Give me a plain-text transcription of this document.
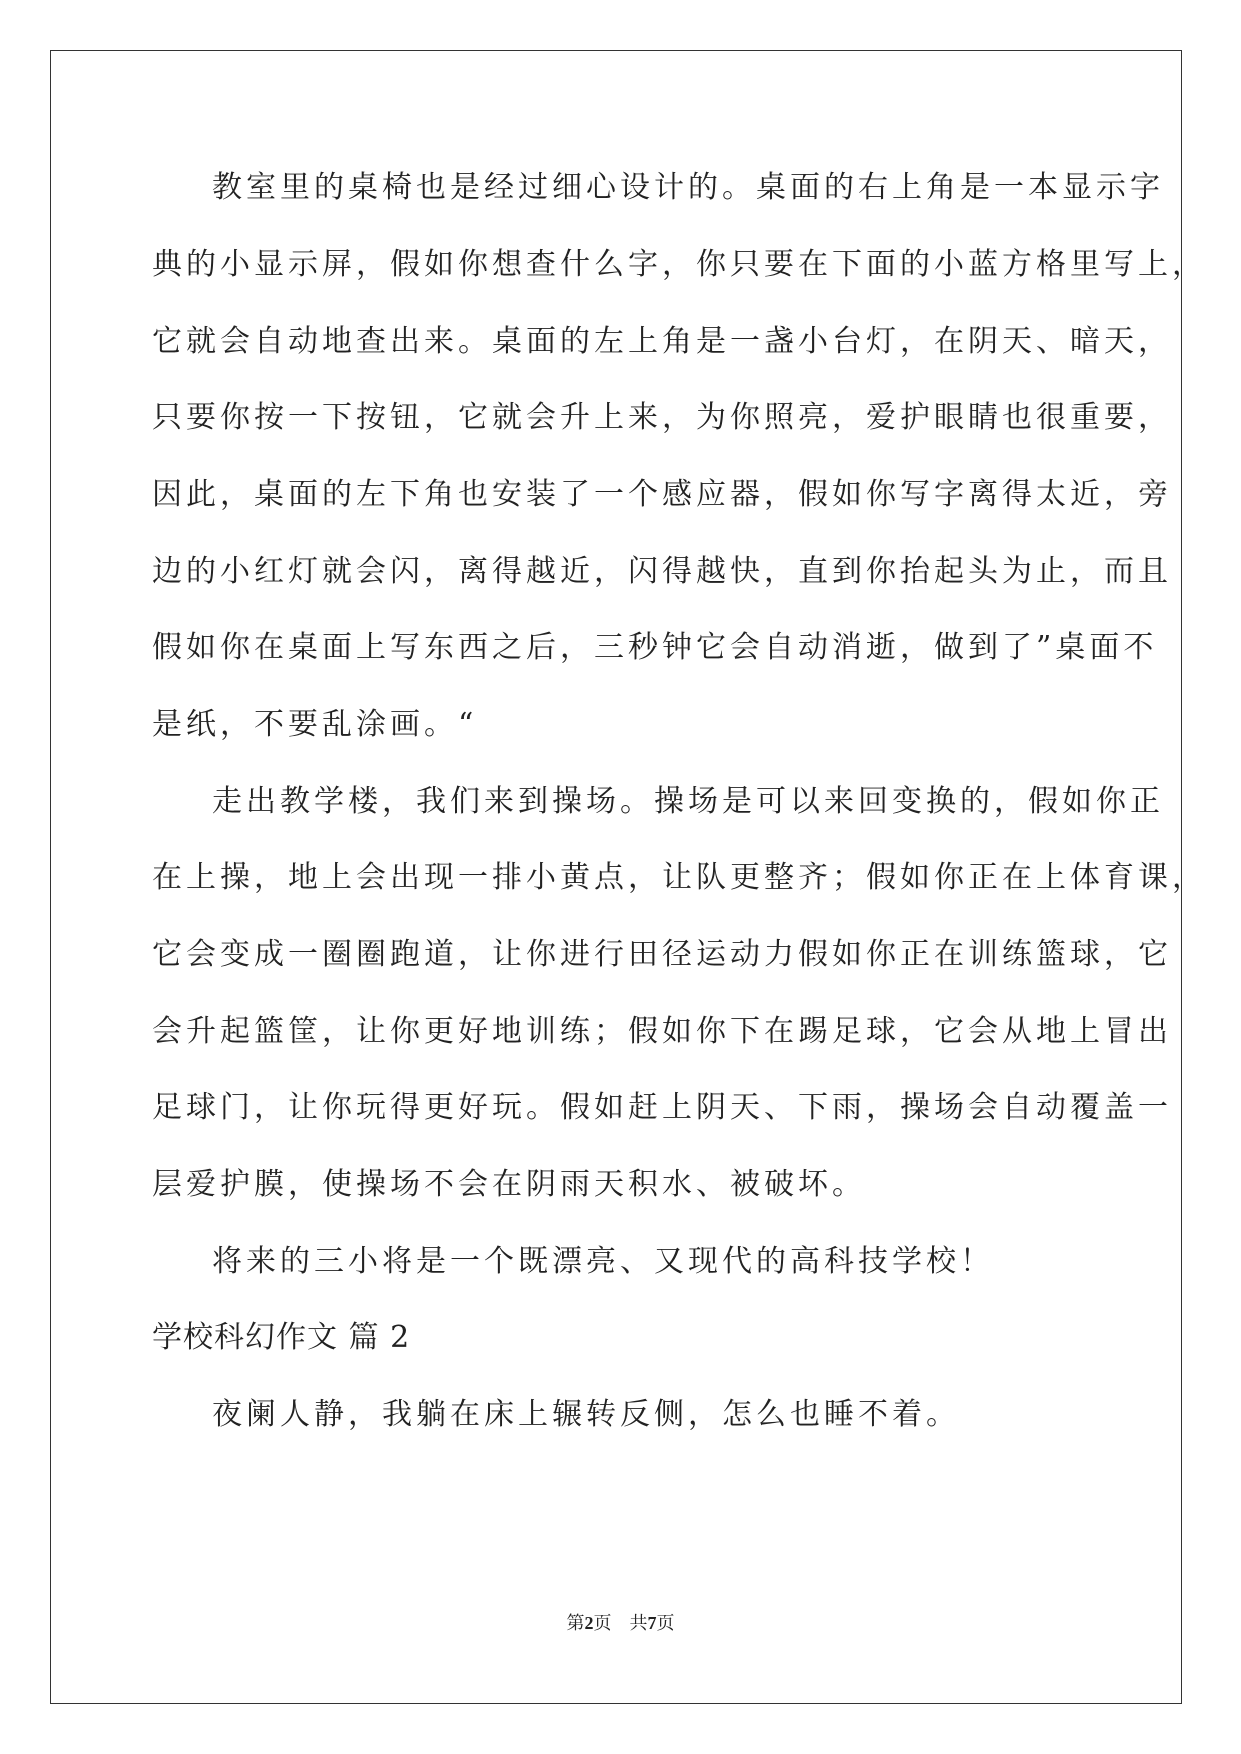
教室里的桌椅也是经过细心设计的。桌面的右上角是一本显示字
典的小显示屏，假如你想查什么字，你只要在下面的小蓝方格里写上，
它就会自动地查出来。桌面的左上角是一盏小台灯，在阴天、暗天，
只要你按一下按钮，它就会升上来，为你照亮，爱护眼睛也很重要，
因此，桌面的左下角也安装了一个感应器，假如你写字离得太近，旁
边的小红灯就会闪，离得越近，闪得越快，直到你抬起头为止，而且
假如你在桌面上写东西之后，三秒钟它会自动消逝，做到了”桌面不
是纸，不要乱涂画。“
走出教学楼，我们来到操场。操场是可以来回变换的，假如你正
在上操，地上会出现一排小黄点，让队更整齐；假如你正在上体育课，
它会变成一圈圈跑道，让你进行田径运动力假如你正在训练篮球，它
会升起篮筐，让你更好地训练；假如你下在踢足球，它会从地上冒出
足球门，让你玩得更好玩。假如赶上阴天、下雨，操场会自动覆盖一
层爱护膜，使操场不会在阴雨天积水、被破坏。
将来的三小将是一个既漂亮、又现代的高科技学校！
学校科幻作文 篇 2
夜阑人静，我躺在床上辗转反侧，怎么也睡不着。
第2页 共7页
